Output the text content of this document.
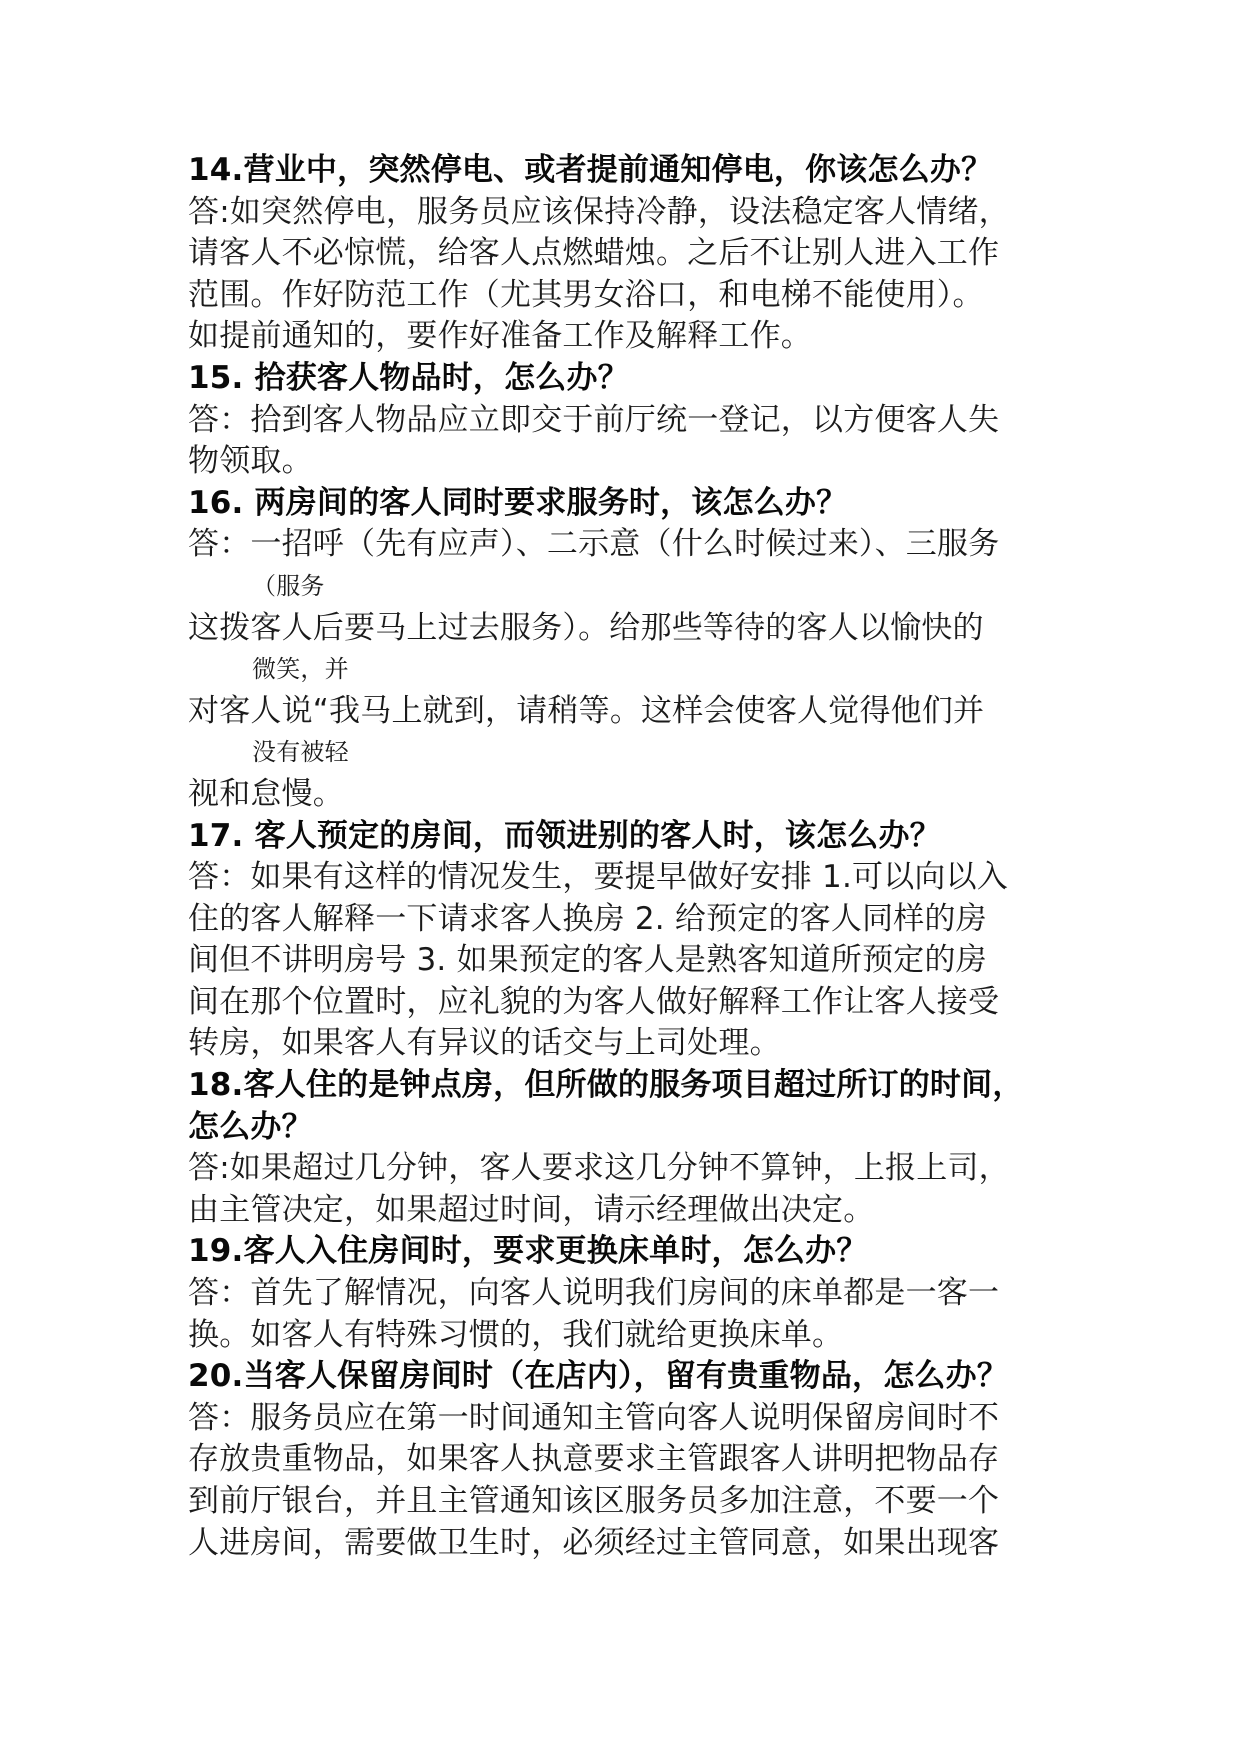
14.营业中，突然停电、或者提前通知停电，你该怎么办？
答:如突然停电，服务员应该保持冷静，设法稳定客人情绪，
请客人不必惊慌，给客人点燃蜡烛。之后不让别人进入工作
范围。作好防范工作（尤其男女浴口，和电梯不能使用）。
如提前通知的，要作好准备工作及解释工作。
15. 拾获客人物品时，怎么办？
答：拾到客人物品应立即交于前厅统一登记，以方便客人失
物领取。
16. 两房间的客人同时要求服务时，该怎么办？
答：一招呼（先有应声）、二示意（什么时候过来）、三服务
（服务
这拨客人后要马上过去服务）。给那些等待的客人以愉快的
微笑，并
对客人说“我马上就到，请稍等。这样会使客人觉得他们并
没有被轻
视和怠慢。
17. 客人预定的房间，而领进别的客人时，该怎么办？
答：如果有这样的情况发生，要提早做好安排 1.可以向以入
住的客人解释一下请求客人换房 2. 给预定的客人同样的房
间但不讲明房号 3. 如果预定的客人是熟客知道所预定的房
间在那个位置时，应礼貌的为客人做好解释工作让客人接受
转房，如果客人有异议的话交与上司处理。
18.客人住的是钟点房，但所做的服务项目超过所订的时间，
怎么办？
答:如果超过几分钟，客人要求这几分钟不算钟，上报上司，
由主管决定，如果超过时间，请示经理做出决定。
19.客人入住房间时，要求更换床单时，怎么办？
答：首先了解情况，向客人说明我们房间的床单都是一客一
换。如客人有特殊习惯的，我们就给更换床单。
20.当客人保留房间时（在店内），留有贵重物品，怎么办？
答：服务员应在第一时间通知主管向客人说明保留房间时不
存放贵重物品，如果客人执意要求主管跟客人讲明把物品存
到前厅银台，并且主管通知该区服务员多加注意，不要一个
人进房间，需要做卫生时，必须经过主管同意，如果出现客
